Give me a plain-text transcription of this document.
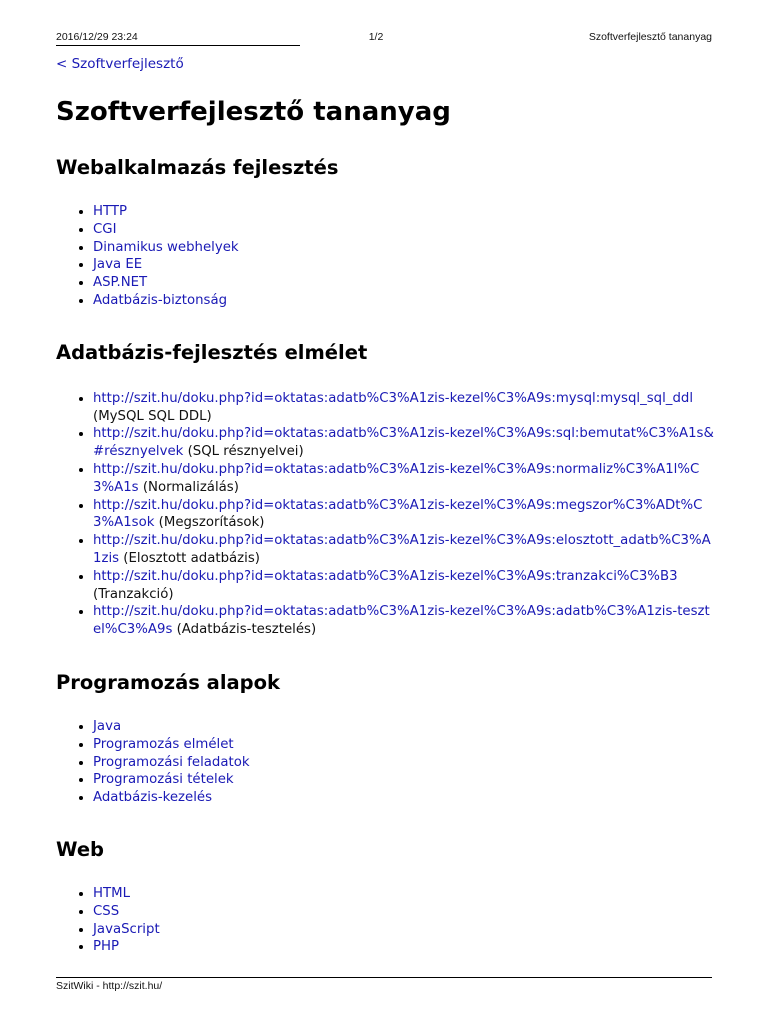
2016/12/29 23:24	1/2	Szoftverfejlesztő tananyag
< Szoftverfejlesztő
Szoftverfejlesztő tananyag
Webalkalmazás fejlesztés
• HTTP
• CGI
• Dinamikus webhelyek
• Java EE
• ASP.NET
• Adatbázis-biztonság
Adatbázis-fejlesztés elmélet
• http://szit.hu/doku.php?id=oktatas:adatb%C3%A1zis-kezel%C3%A9s:mysql:mysql_sql_ddl (MySQL SQL DDL)
• http://szit.hu/doku.php?id=oktatas:adatb%C3%A1zis-kezel%C3%A9s:sql:bemutat%C3%A1s&#résznyelvek (SQL résznyelvei)
• http://szit.hu/doku.php?id=oktatas:adatb%C3%A1zis-kezel%C3%A9s:normaliz%C3%A1l%C3%A1s (Normalizálás)
• http://szit.hu/doku.php?id=oktatas:adatb%C3%A1zis-kezel%C3%A9s:megszor%C3%ADt%C3%A1sok (Megszorítások)
• http://szit.hu/doku.php?id=oktatas:adatb%C3%A1zis-kezel%C3%A9s:elosztott_adatb%C3%A1zis (Elosztott adatbázis)
• http://szit.hu/doku.php?id=oktatas:adatb%C3%A1zis-kezel%C3%A9s:tranzakci%C3%B3 (Tranzakció)
• http://szit.hu/doku.php?id=oktatas:adatb%C3%A1zis-kezel%C3%A9s:adatb%C3%A1zis-tesztel%C3%A9s (Adatbázis-tesztelés)
Programozás alapok
• Java
• Programozás elmélet
• Programozási feladatok
• Programozási tételek
• Adatbázis-kezelés
Web
• HTML
• CSS
• JavaScript
• PHP
SzitWiki - http://szit.hu/
